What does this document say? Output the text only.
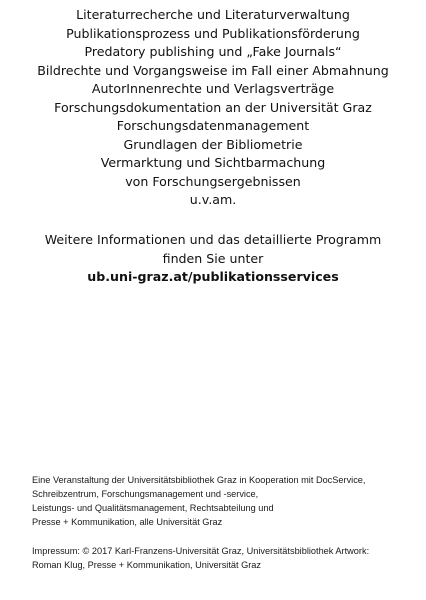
Literaturrecherche und Literaturverwaltung
Publikationsprozess und Publikationsförderung
Predatory publishing und „Fake Journals“
Bildrechte und Vorgangsweise im Fall einer Abmahnung
AutorInnenrechte und Verlagsverträge
Forschungsdokumentation an der Universität Graz
Forschungsdatenmanagement
Grundlagen der Bibliometrie
Vermarktung und Sichtbarmachung
von Forschungsergebnissen
u.v.am.
Weitere Informationen und das detaillierte Programm
finden Sie unter
ub.uni-graz.at/publikationsservices
Eine Veranstaltung der Universitätsbibliothek Graz in Kooperation mit DocService,
Schreibzentrum, Forschungsmanagement und -service,
Leistungs- und Qualitätsmanagement, Rechtsabteilung und
Presse + Kommunikation, alle Universität Graz
Impressum: © 2017 Karl-Franzens-Universität Graz, Universitätsbibliothek Artwork:
Roman Klug, Presse + Kommunikation, Universität Graz
